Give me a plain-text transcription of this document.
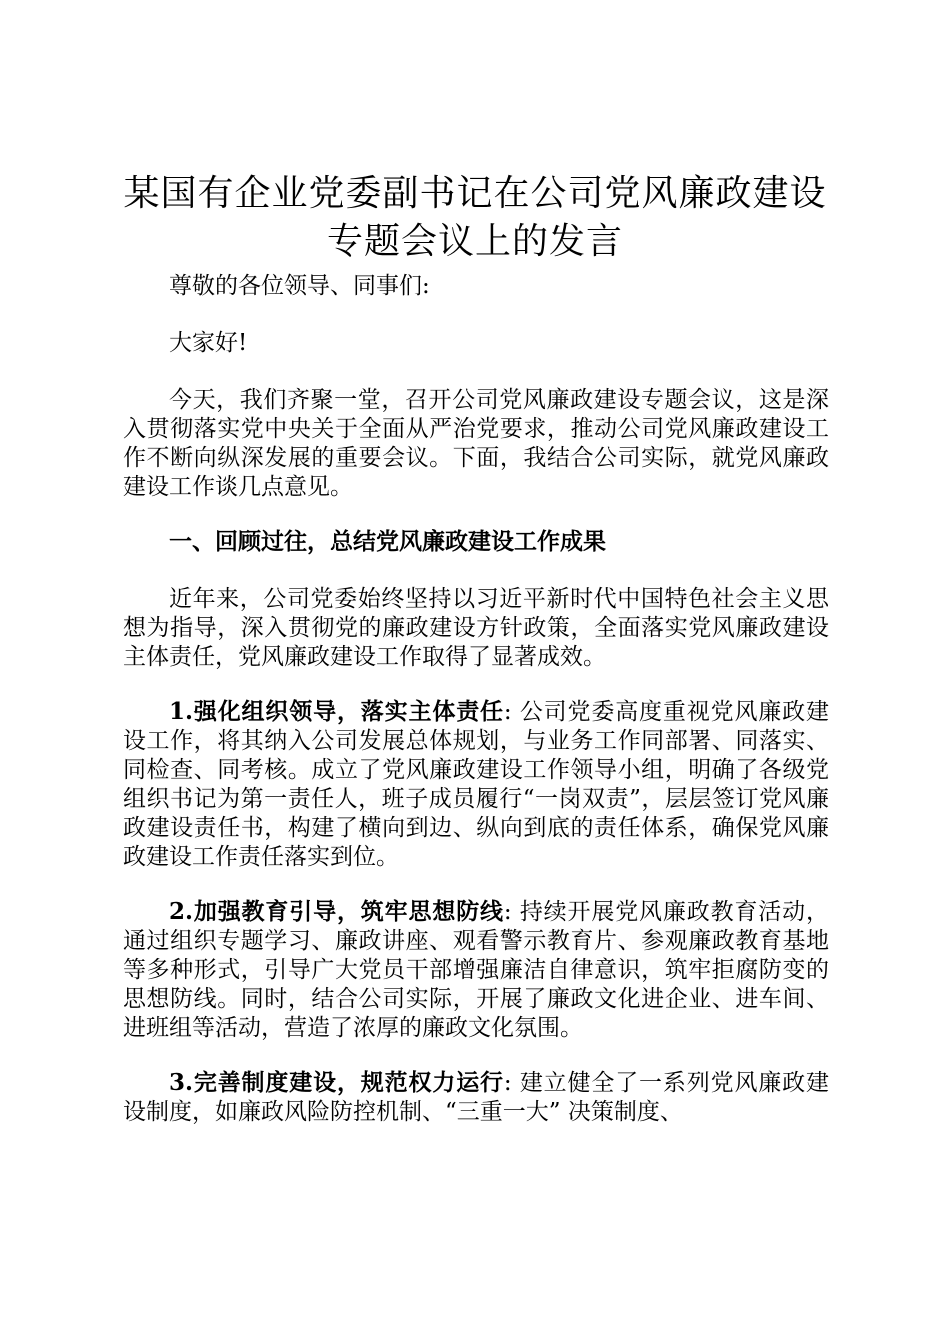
某国有企业党委副书记在公司党风廉政建设专题会议上的发言

尊敬的各位领导、同事们:

大家好!

今天，我们齐聚一堂，召开公司党风廉政建设专题会议，这是深入贯彻落实党中央关于全面从严治党要求，推动公司党风廉政建设工作不断向纵深发展的重要会议。下面，我结合公司实际，就党风廉政建设工作谈几点意见。

一、回顾过往，总结党风廉政建设工作成果

近年来，公司党委始终坚持以习近平新时代中国特色社会主义思想为指导，深入贯彻党的廉政建设方针政策，全面落实党风廉政建设主体责任，党风廉政建设工作取得了显著成效。

1.强化组织领导，落实主体责任: 公司党委高度重视党风廉政建设工作，将其纳入公司发展总体规划，与业务工作同部署、同落实、同检查、同考核。成立了党风廉政建设工作领导小组，明确了各级党组织书记为第一责任人，班子成员履行“一岗双责”，层层签订党风廉政建设责任书，构建了横向到边、纵向到底的责任体系，确保党风廉政建设工作责任落实到位。

2.加强教育引导，筑牢思想防线: 持续开展党风廉政教育活动，通过组织专题学习、廉政讲座、观看警示教育片、参观廉政教育基地等多种形式，引导广大党员干部增强廉洁自律意识，筑牢拒腐防变的思想防线。同时，结合公司实际，开展了廉政文化进企业、进车间、进班组等活动，营造了浓厚的廉政文化氛围。

3.完善制度建设，规范权力运行: 建立健全了一系列党风廉政建设制度，如廉政风险防控机制、“三重一大” 决策制度、
